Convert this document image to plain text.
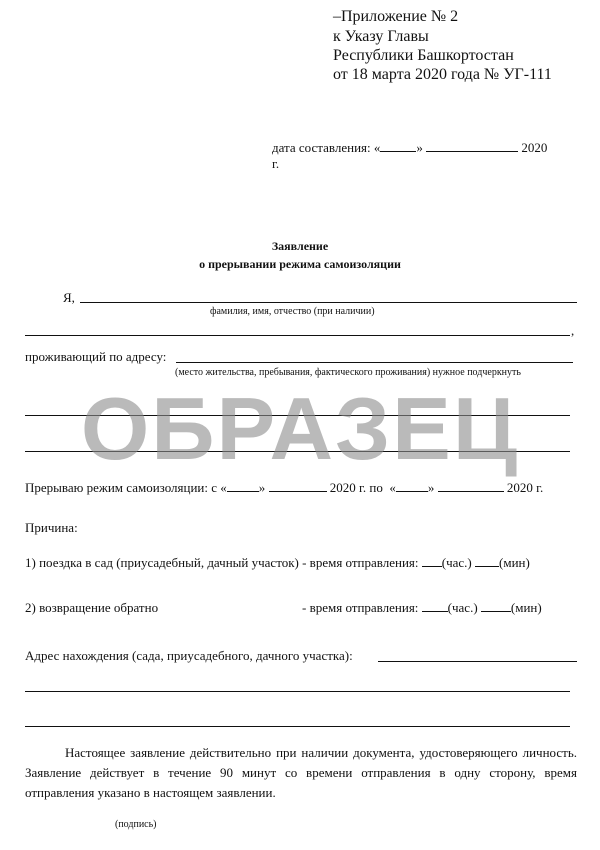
–Приложение № 2
к Указу Главы
Республики Башкортостан
от 18 марта 2020 года № УГ-111
дата составления: «	»	2020
г.
Заявление
о прерывании режима самоизоляции
Я,
фамилия, имя, отчество (при наличии)
,
проживающий по адресу:
(место жительства, пребывания, фактического проживания) нужное подчеркнуть
ОБРАЗЕЦ
Прерываю режим самоизоляции: с « »	2020 г. по « »	2020 г.
Причина:
1) поездка в сад (приусадебный, дачный участок) - время отправления: (час.) (мин)
2) возвращение обратно	- время отправления: (час.)	(мин)
Адрес нахождения (сада, приусадебного, дачного участка):
Настоящее заявление действительно при наличии документа, удостоверяющего личность. Заявление действует в течение 90 минут со времени отправления в одну сторону, время отправления указано в настоящем заявлении.
(подпись)
